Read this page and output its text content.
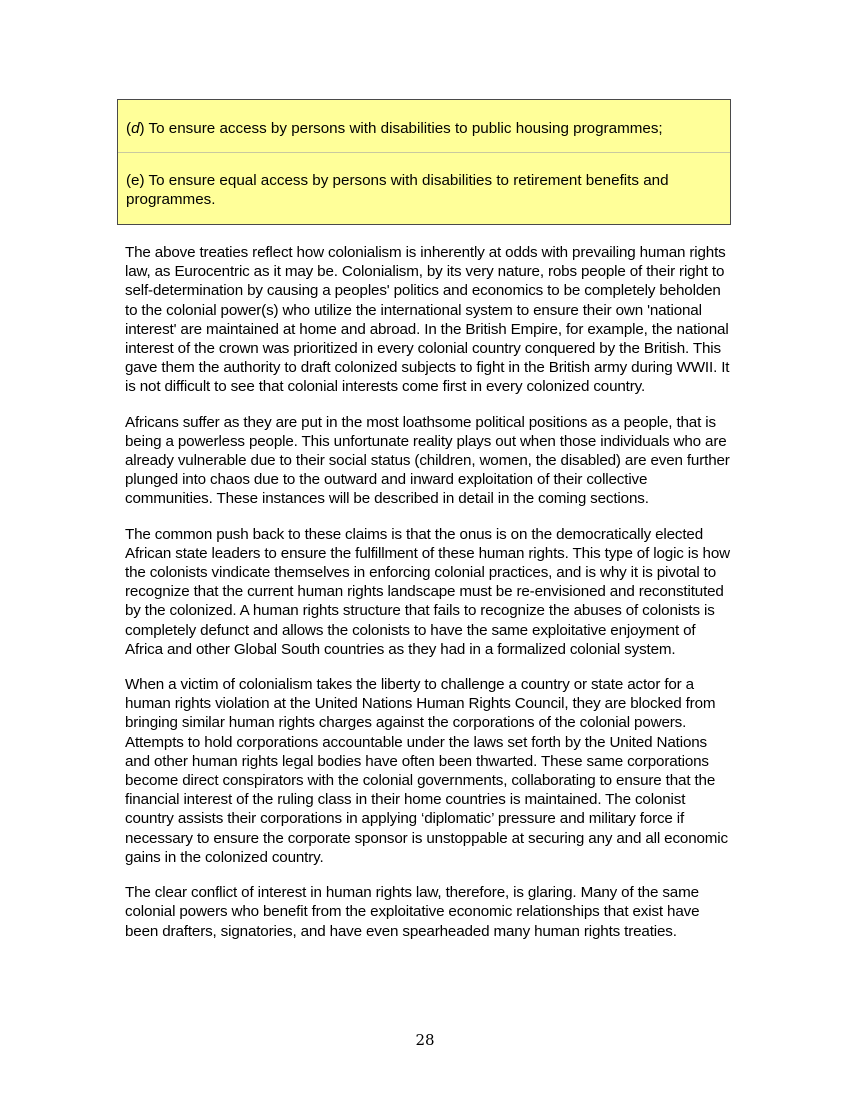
(d) To ensure access by persons with disabilities to public housing programmes;
(e) To ensure equal access by persons with disabilities to retirement benefits and programmes.

The above treaties reflect how colonialism is inherently at odds with prevailing human rights law, as Eurocentric as it may be. Colonialism, by its very nature, robs people of their right to self-determination by causing a peoples' politics and economics to be completely beholden to the colonial power(s) who utilize the international system to ensure their own 'national interest' are maintained at home and abroad. In the British Empire, for example, the national interest of the crown was prioritized in every colonial country conquered by the British. This gave them the authority to draft colonized subjects to fight in the British army during WWII. It is not difficult to see that colonial interests come first in every colonized country.

Africans suffer as they are put in the most loathsome political positions as a people, that is being a powerless people. This unfortunate reality plays out when those individuals who are already vulnerable due to their social status (children, women, the disabled) are even further plunged into chaos due to the outward and inward exploitation of their collective communities. These instances will be described in detail in the coming sections.

The common push back to these claims is that the onus is on the democratically elected African state leaders to ensure the fulfillment of these human rights. This type of logic is how the colonists vindicate themselves in enforcing colonial practices, and is why it is pivotal to recognize that the current human rights landscape must be re-envisioned and reconstituted by the colonized. A human rights structure that fails to recognize the abuses of colonists is completely defunct and allows the colonists to have the same exploitative enjoyment of Africa and other Global South countries as they had in a formalized colonial system.

When a victim of colonialism takes the liberty to challenge a country or state actor for a human rights violation at the United Nations Human Rights Council, they are blocked from bringing similar human rights charges against the corporations of the colonial powers. Attempts to hold corporations accountable under the laws set forth by the United Nations and other human rights legal bodies have often been thwarted. These same corporations become direct conspirators with the colonial governments, collaborating to ensure that the financial interest of the ruling class in their home countries is maintained. The colonist country assists their corporations in applying ‘diplomatic’ pressure and military force if necessary to ensure the corporate sponsor is unstoppable at securing any and all economic gains in the colonized country.

The clear conflict of interest in human rights law, therefore, is glaring. Many of the same colonial powers who benefit from the exploitative economic relationships that exist have been drafters, signatories, and have even spearheaded many human rights treaties.

28
